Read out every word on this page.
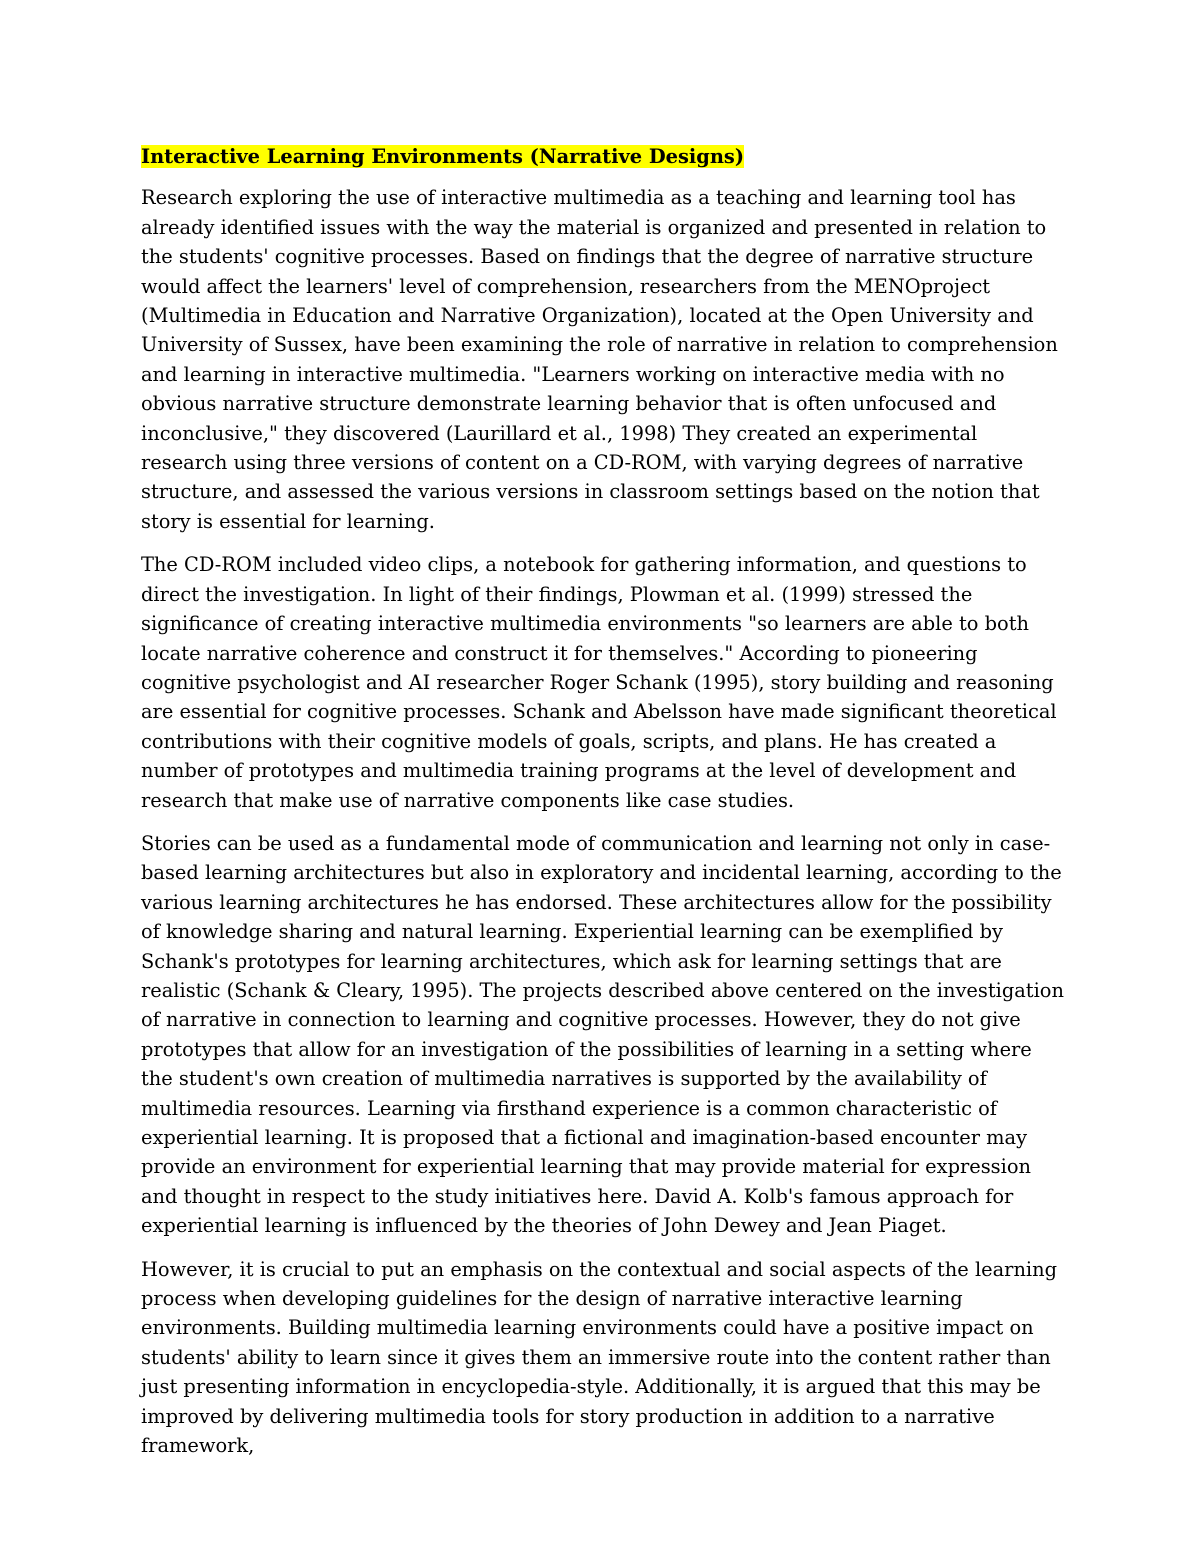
Interactive Learning Environments (Narrative Designs)

Research exploring the use of interactive multimedia as a teaching and learning tool has already identified issues with the way the material is organized and presented in relation to the students' cognitive processes. Based on findings that the degree of narrative structure would affect the learners' level of comprehension, researchers from the MENOproject (Multimedia in Education and Narrative Organization), located at the Open University and University of Sussex, have been examining the role of narrative in relation to comprehension and learning in interactive multimedia. "Learners working on interactive media with no obvious narrative structure demonstrate learning behavior that is often unfocused and inconclusive," they discovered (Laurillard et al., 1998) They created an experimental research using three versions of content on a CD-ROM, with varying degrees of narrative structure, and assessed the various versions in classroom settings based on the notion that story is essential for learning.

The CD-ROM included video clips, a notebook for gathering information, and questions to direct the investigation. In light of their findings, Plowman et al. (1999) stressed the significance of creating interactive multimedia environments "so learners are able to both locate narrative coherence and construct it for themselves." According to pioneering cognitive psychologist and AI researcher Roger Schank (1995), story building and reasoning are essential for cognitive processes. Schank and Abelsson have made significant theoretical contributions with their cognitive models of goals, scripts, and plans. He has created a number of prototypes and multimedia training programs at the level of development and research that make use of narrative components like case studies.

Stories can be used as a fundamental mode of communication and learning not only in case-based learning architectures but also in exploratory and incidental learning, according to the various learning architectures he has endorsed. These architectures allow for the possibility of knowledge sharing and natural learning. Experiential learning can be exemplified by Schank's prototypes for learning architectures, which ask for learning settings that are realistic (Schank & Cleary, 1995). The projects described above centered on the investigation of narrative in connection to learning and cognitive processes. However, they do not give prototypes that allow for an investigation of the possibilities of learning in a setting where the student's own creation of multimedia narratives is supported by the availability of multimedia resources. Learning via firsthand experience is a common characteristic of experiential learning. It is proposed that a fictional and imagination-based encounter may provide an environment for experiential learning that may provide material for expression and thought in respect to the study initiatives here. David A. Kolb's famous approach for experiential learning is influenced by the theories of John Dewey and Jean Piaget.

However, it is crucial to put an emphasis on the contextual and social aspects of the learning process when developing guidelines for the design of narrative interactive learning environments. Building multimedia learning environments could have a positive impact on students' ability to learn since it gives them an immersive route into the content rather than just presenting information in encyclopedia-style. Additionally, it is argued that this may be improved by delivering multimedia tools for story production in addition to a narrative framework,
